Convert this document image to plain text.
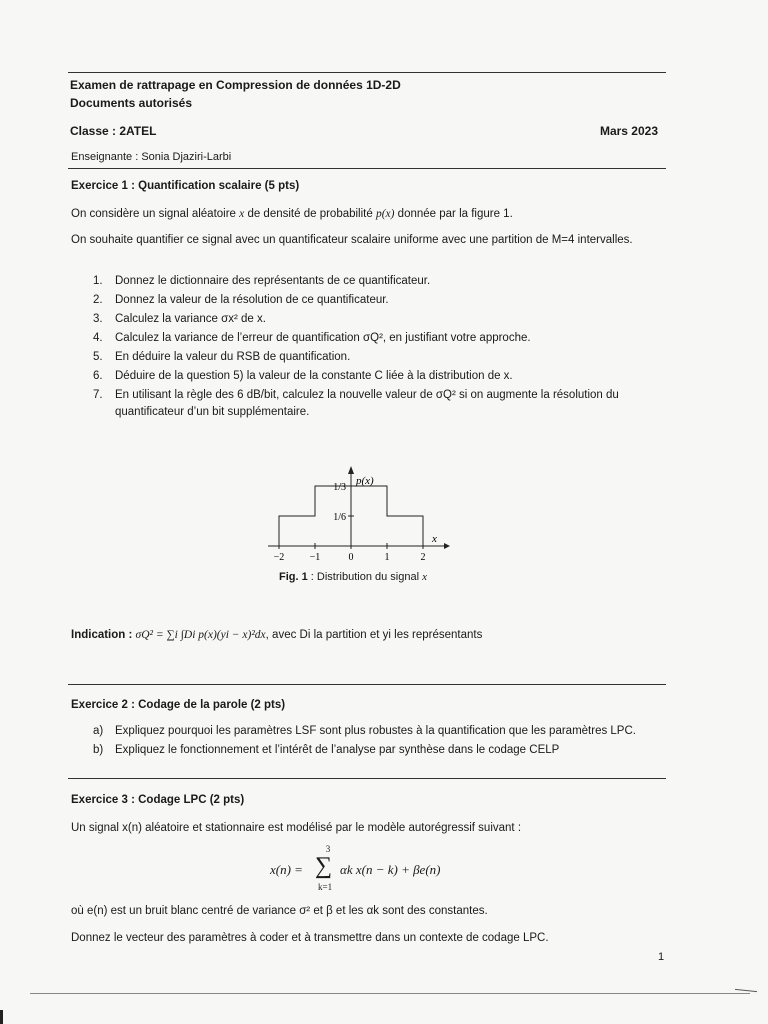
Examen de rattrapage en Compression de données 1D-2D
Documents autorisés
Classe : 2ATEL	Mars 2023
Enseignante : Sonia Djaziri-Larbi
Exercice 1 : Quantification scalaire (5 pts)
On considère un signal aléatoire x de densité de probabilité p(x) donnée par la figure 1.
On souhaite quantifier ce signal avec un quantificateur scalaire uniforme avec une partition de M=4 intervalles.
1. Donnez le dictionnaire des représentants de ce quantificateur.
2. Donnez la valeur de la résolution de ce quantificateur.
3. Calculez la variance σx² de x.
4. Calculez la variance de l’erreur de quantification σQ², en justifiant votre approche.
5. En déduire la valeur du RSB de quantification.
6. Déduire de la question 5) la valeur de la constante C liée à la distribution de x.
7.	En utilisant la règle des 6 dB/bit, calculez la nouvelle valeur de σQ² si on augmente la résolution du quantificateur d’un bit supplémentaire.
−2	−1	0	1	2
1/3
1/6
p(x)
x
Fig. 1 : Distribution du signal x
Indication : σQ² = ∑i ∫Di p(x)(yi − x)²dx, avec Di la partition et yi les représentants
Exercice 2 : Codage de la parole (2 pts)
a) Expliquez pourquoi les paramètres LSF sont plus robustes à la quantification que les paramètres LPC.
b) Expliquez le fonctionnement et l’intérêt de l’analyse par synthèse dans le codage CELP
Exercice 3 : Codage LPC (2 pts)
Un signal x(n) aléatoire et stationnaire est modélisé par le modèle autorégressif suivant :
x(n) =
3
∑
k=1
αk x(n − k) + βe(n)
où e(n) est un bruit blanc centré de variance σ² et β et les αk sont des constantes.
Donnez le vecteur des paramètres à coder et à transmettre dans un contexte de codage LPC.
1
